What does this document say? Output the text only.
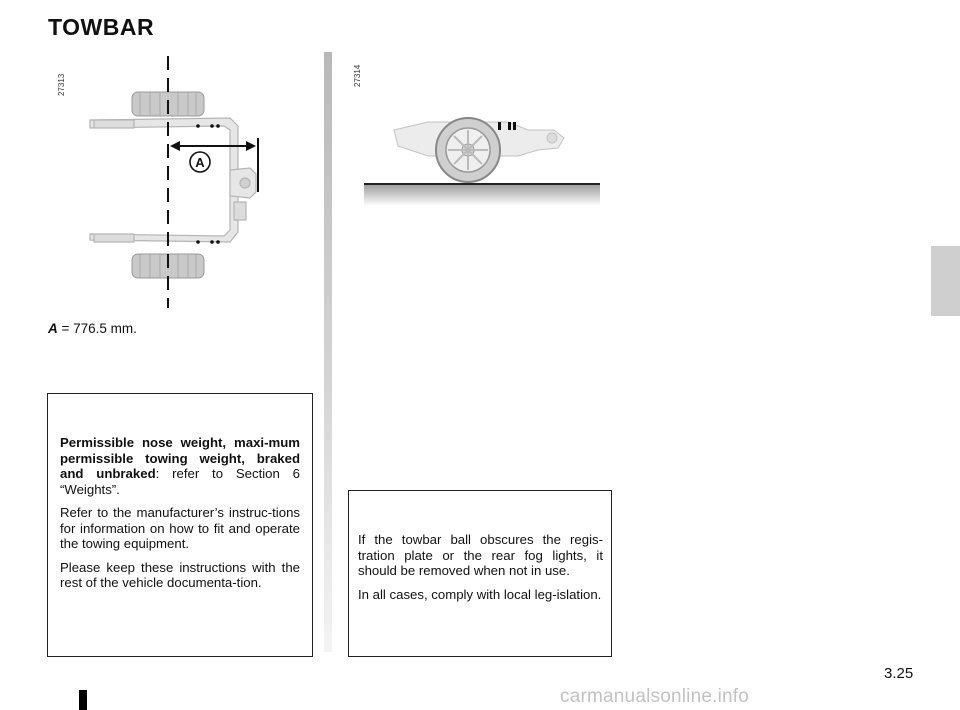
TOWBAR
27313
A
A = 776.5 mm.
27314

Permissible nose weight, maxi-mum permissible towing weight, braked and unbraked: refer to Section 6 “Weights”.

Refer to the manufacturer’s instruc-tions for information on how to fit and operate the towing equipment.

Please keep these instructions with the rest of the vehicle documenta-tion.

If the towbar ball obscures the regis-tration plate or the rear fog lights, it should be removed when not in use.

In all cases, comply with local leg-islation.

3.25
carmanualsonline.info
